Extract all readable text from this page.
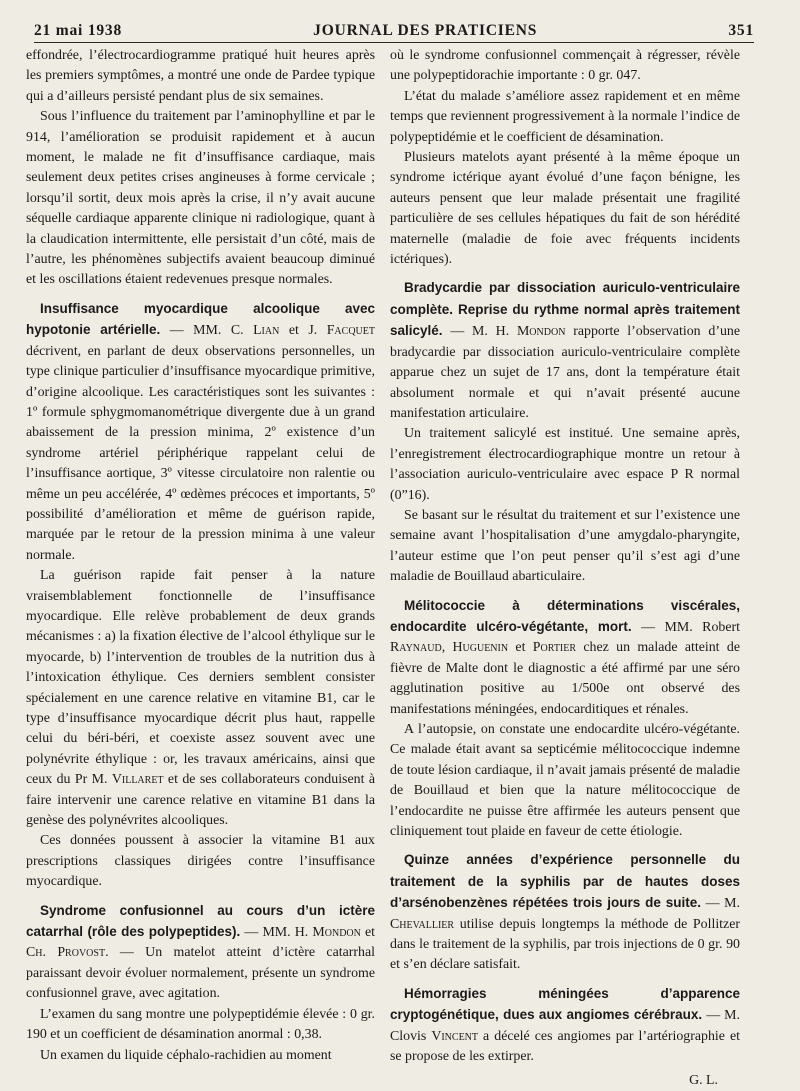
21 mai 1938	JOURNAL DES PRATICIENS	351

effondrée, l’électrocardiogramme pratiqué huit heures après les premiers symptômes, a montré une onde de Pardee typique qui a d’ailleurs persisté pendant plus de six semaines.

Sous l’influence du traitement par l’aminophylline et par le 914, l’amélioration se produisit rapidement et à aucun moment, le malade ne fit d’insuffisance cardiaque, mais seulement deux petites crises angineuses à forme cervicale ; lorsqu’il sortit, deux mois après la crise, il n’y avait aucune séquelle cardiaque apparente clinique ni radiologique, quant à la claudication intermittente, elle persistait d’un côté, mais de l’autre, les phénomènes subjectifs avaient beaucoup diminué et les oscillations étaient redevenues presque normales.

Insuffisance myocardique alcoolique avec hypotonie artérielle. — MM. C. Lian et J. Facquet décrivent, en parlant de deux observations personnelles, un type clinique particulier d’insuffisance myocardique primitive, d’origine alcoolique. Les caractéristiques sont les suivantes : 1º formule sphygmomanométrique divergente due à un grand abaissement de la pression minima, 2º existence d’un syndrome artériel périphérique rappelant celui de l’insuffisance aortique, 3º vitesse circulatoire non ralentie ou même un peu accélérée, 4º œdèmes précoces et importants, 5º possibilité d’amélioration et même de guérison rapide, marquée par le retour de la pression minima à une valeur normale.

La guérison rapide fait penser à la nature vraisemblablement fonctionnelle de l’insuffisance myocardique. Elle relève probablement de deux grands mécanismes : a) la fixation élective de l’alcool éthylique sur le myocarde, b) l’intervention de troubles de la nutrition dus à l’intoxication éthylique. Ces derniers semblent consister spécialement en une carence relative en vitamine B1, car le type d’insuffisance myocardique décrit plus haut, rappelle celui du béri-béri, et coexiste assez souvent avec une polynévrite éthylique : or, les travaux américains, ainsi que ceux du Pr M. Villaret et de ses collaborateurs conduisent à faire intervenir une carence relative en vitamine B1 dans la genèse des polynévrites alcooliques.

Ces données poussent à associer la vitamine B1 aux prescriptions classiques dirigées contre l’insuffisance myocardique.

Syndrome confusionnel au cours d’un ictère catarrhal (rôle des polypeptides). — MM. H. Mondon et Ch. Provost. — Un matelot atteint d’ictère catarrhal paraissant devoir évoluer normalement, présente un syndrome confusionnel grave, avec agitation.

L’examen du sang montre une polypeptidémie élevée : 0 gr. 190 et un coefficient de désamination anormal : 0,38.

Un examen du liquide céphalo-rachidien au moment

où le syndrome confusionnel commençait à régresser, révèle une polypeptidorachie importante : 0 gr. 047.

L’état du malade s’améliore assez rapidement et en même temps que reviennent progressivement à la normale l’indice de polypeptidémie et le coefficient de désamination.

Plusieurs matelots ayant présenté à la même époque un syndrome ictérique ayant évolué d’une façon bénigne, les auteurs pensent que leur malade présentait une fragilité particulière de ses cellules hépatiques du fait de son hérédité maternelle (maladie de foie avec fréquents incidents ictériques).

Bradycardie par dissociation auriculo-ventriculaire complète. Reprise du rythme normal après traitement salicylé. — M. H. Mondon rapporte l’observation d’une bradycardie par dissociation auriculo-ventriculaire complète apparue chez un sujet de 17 ans, dont la température était absolument normale et qui n’avait présenté aucune manifestation articulaire.

Un traitement salicylé est institué. Une semaine après, l’enregistrement électrocardiographique montre un retour à l’association auriculo-ventriculaire avec espace P R normal (0”16).

Se basant sur le résultat du traitement et sur l’existence une semaine avant l’hospitalisation d’une amygdalo-pharyngite, l’auteur estime que l’on peut penser qu’il s’est agi d’une maladie de Bouillaud abarticulaire.

Mélitococcie à déterminations viscérales, endocardite ulcéro-végétante, mort. — MM. Robert Raynaud, Huguenin et Portier chez un malade atteint de fièvre de Malte dont le diagnostic a été affirmé par une séro agglutination positive au 1/500e ont observé des manifestations méningées, endocarditiques et rénales.

A l’autopsie, on constate une endocardite ulcéro-végétante. Ce malade était avant sa septicémie mélitococcique indemne de toute lésion cardiaque, il n’avait jamais présenté de maladie de Bouillaud et bien que la nature mélitococcique de l’endocardite ne puisse être affirmée les auteurs pensent que cliniquement tout plaide en faveur de cette étiologie.

Quinze années d’expérience personnelle du traitement de la syphilis par de hautes doses d’arsénobenzènes répétées trois jours de suite. — M. Chevallier utilise depuis longtemps la méthode de Pollitzer dans le traitement de la syphilis, par trois injections de 0 gr. 90 et s’en déclare satisfait.

Hémorragies méningées d’apparence cryptogénétique, dues aux angiomes cérébraux. — M. Clovis Vincent a décelé ces angiomes par l’artériographie et se propose de les extirper.

G. L.
